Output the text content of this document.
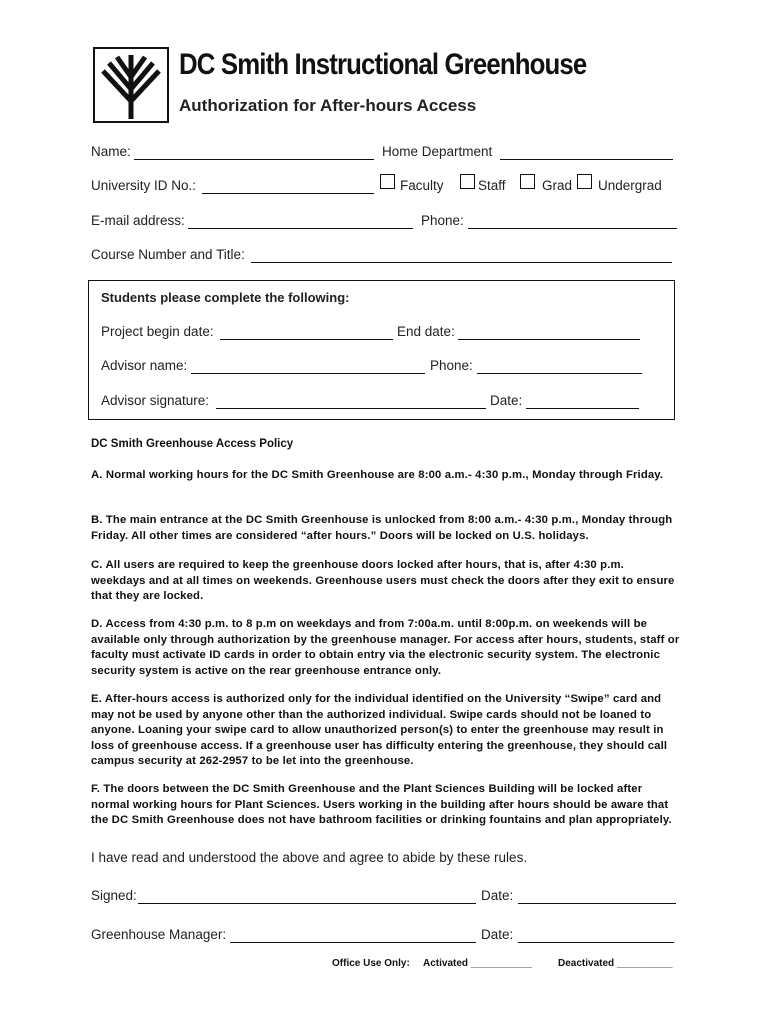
DC Smith Instructional Greenhouse
Authorization for After-hours Access
Name:	Home Department
University ID No.:	Faculty	Staff	Grad Undergrad
E-mail address:	Phone:
Course Number and Title:
Students please complete the following:
Project begin date:	End date:
Advisor name:	Phone:
Advisor signature:	Date:
DC Smith Greenhouse Access Policy
A. Normal working hours for the DC Smith Greenhouse are 8:00 a.m.- 4:30 p.m., Monday through Friday.
B. The main entrance at the DC Smith Greenhouse is unlocked from 8:00 a.m.- 4:30 p.m., Monday through Friday. All other times are considered “after hours.” Doors will be locked on U.S. holidays.
C. All users are required to keep the greenhouse doors locked after hours, that is, after 4:30 p.m. weekdays and at all times on weekends. Greenhouse users must check the doors after they exit to ensure that they are locked.
D. Access from 4:30 p.m. to 8 p.m on weekdays and from 7:00a.m. until 8:00p.m. on weekends will be available only through authorization by the greenhouse manager. For access after hours, students, staff or faculty must activate ID cards in order to obtain entry via the electronic security system. The electronic security system is active on the rear greenhouse entrance only.
E. After-hours access is authorized only for the individual identified on the University “Swipe” card and may not be used by anyone other than the authorized individual. Swipe cards should not be loaned to anyone. Loaning your swipe card to allow unauthorized person(s) to enter the greenhouse may result in loss of greenhouse access. If a greenhouse user has difficulty entering the greenhouse, they should call campus security at 262-2957 to be let into the greenhouse.
F. The doors between the DC Smith Greenhouse and the Plant Sciences Building will be locked after normal working hours for Plant Sciences. Users working in the building after hours should be aware that the DC Smith Greenhouse does not have bathroom facilities or drinking fountains and plan appropriately.
I have read and understood the above and agree to abide by these rules.
Signed:	Date:
Greenhouse Manager:	Date:
Office Use Only: Activated ___________	Deactivated __________
